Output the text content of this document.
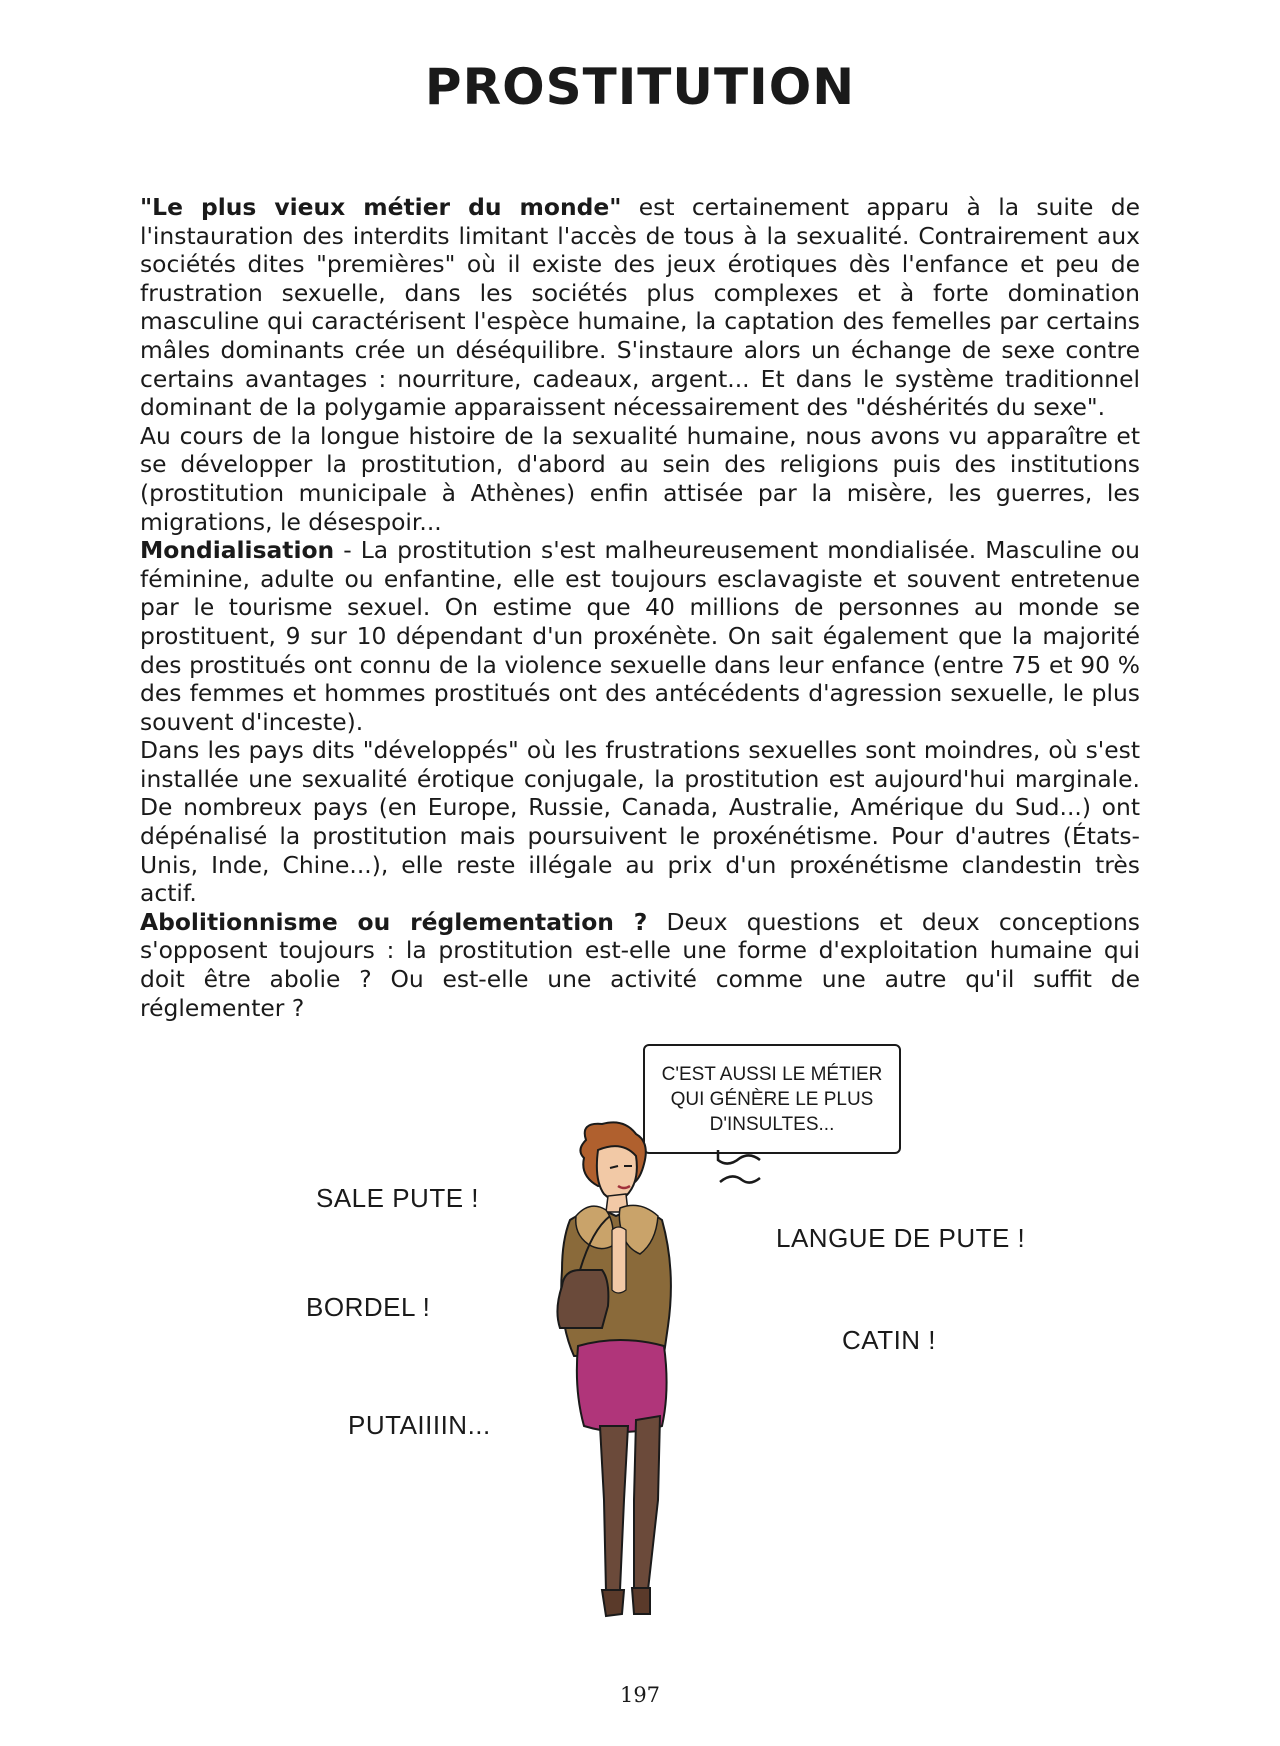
PROSTITUTION

"Le plus vieux métier du monde" est certainement apparu à la suite de l'instauration des interdits limitant l'accès de tous à la sexualité. Contrairement aux sociétés dites "premières" où il existe des jeux érotiques dès l'enfance et peu de frustration sexuelle, dans les sociétés plus complexes et à forte domination masculine qui caractérisent l'espèce humaine, la captation des femelles par certains mâles dominants crée un déséquilibre. S'instaure alors un échange de sexe contre certains avantages : nourriture, cadeaux, argent... Et dans le système traditionnel dominant de la polygamie apparaissent nécessairement des "déshérités du sexe".

Au cours de la longue histoire de la sexualité humaine, nous avons vu apparaître et se développer la prostitution, d'abord au sein des religions puis des institutions (prostitution municipale à Athènes) enfin attisée par la misère, les guerres, les migrations, le désespoir...

Mondialisation - La prostitution s'est malheureusement mondialisée. Masculine ou féminine, adulte ou enfantine, elle est toujours esclavagiste et souvent entretenue par le tourisme sexuel. On estime que 40 millions de personnes au monde se prostituent, 9 sur 10 dépendant d'un proxénète. On sait également que la majorité des prostitués ont connu de la violence sexuelle dans leur enfance (entre 75 et 90 % des femmes et hommes prostitués ont des antécédents d'agression sexuelle, le plus souvent d'inceste).

Dans les pays dits "développés" où les frustrations sexuelles sont moindres, où s'est installée une sexualité érotique conjugale, la prostitution est aujourd'hui marginale. De nombreux pays (en Europe, Russie, Canada, Australie, Amérique du Sud...) ont dépénalisé la prostitution mais poursuivent le proxénétisme. Pour d'autres (États-Unis, Inde, Chine...), elle reste illégale au prix d'un proxénétisme clandestin très actif.

Abolitionnisme ou réglementation ? Deux questions et deux conceptions s'opposent toujours : la prostitution est-elle une forme d'exploitation humaine qui doit être abolie ? Ou est-elle une activité comme une autre qu'il suffit de réglementer ?

C'EST AUSSI LE MÉTIER QUI GÉNÈRE LE PLUS D'INSULTES...
SALE PUTE !
BORDEL !
PUTAIIIIN...
LANGUE DE PUTE !
CATIN !
197
